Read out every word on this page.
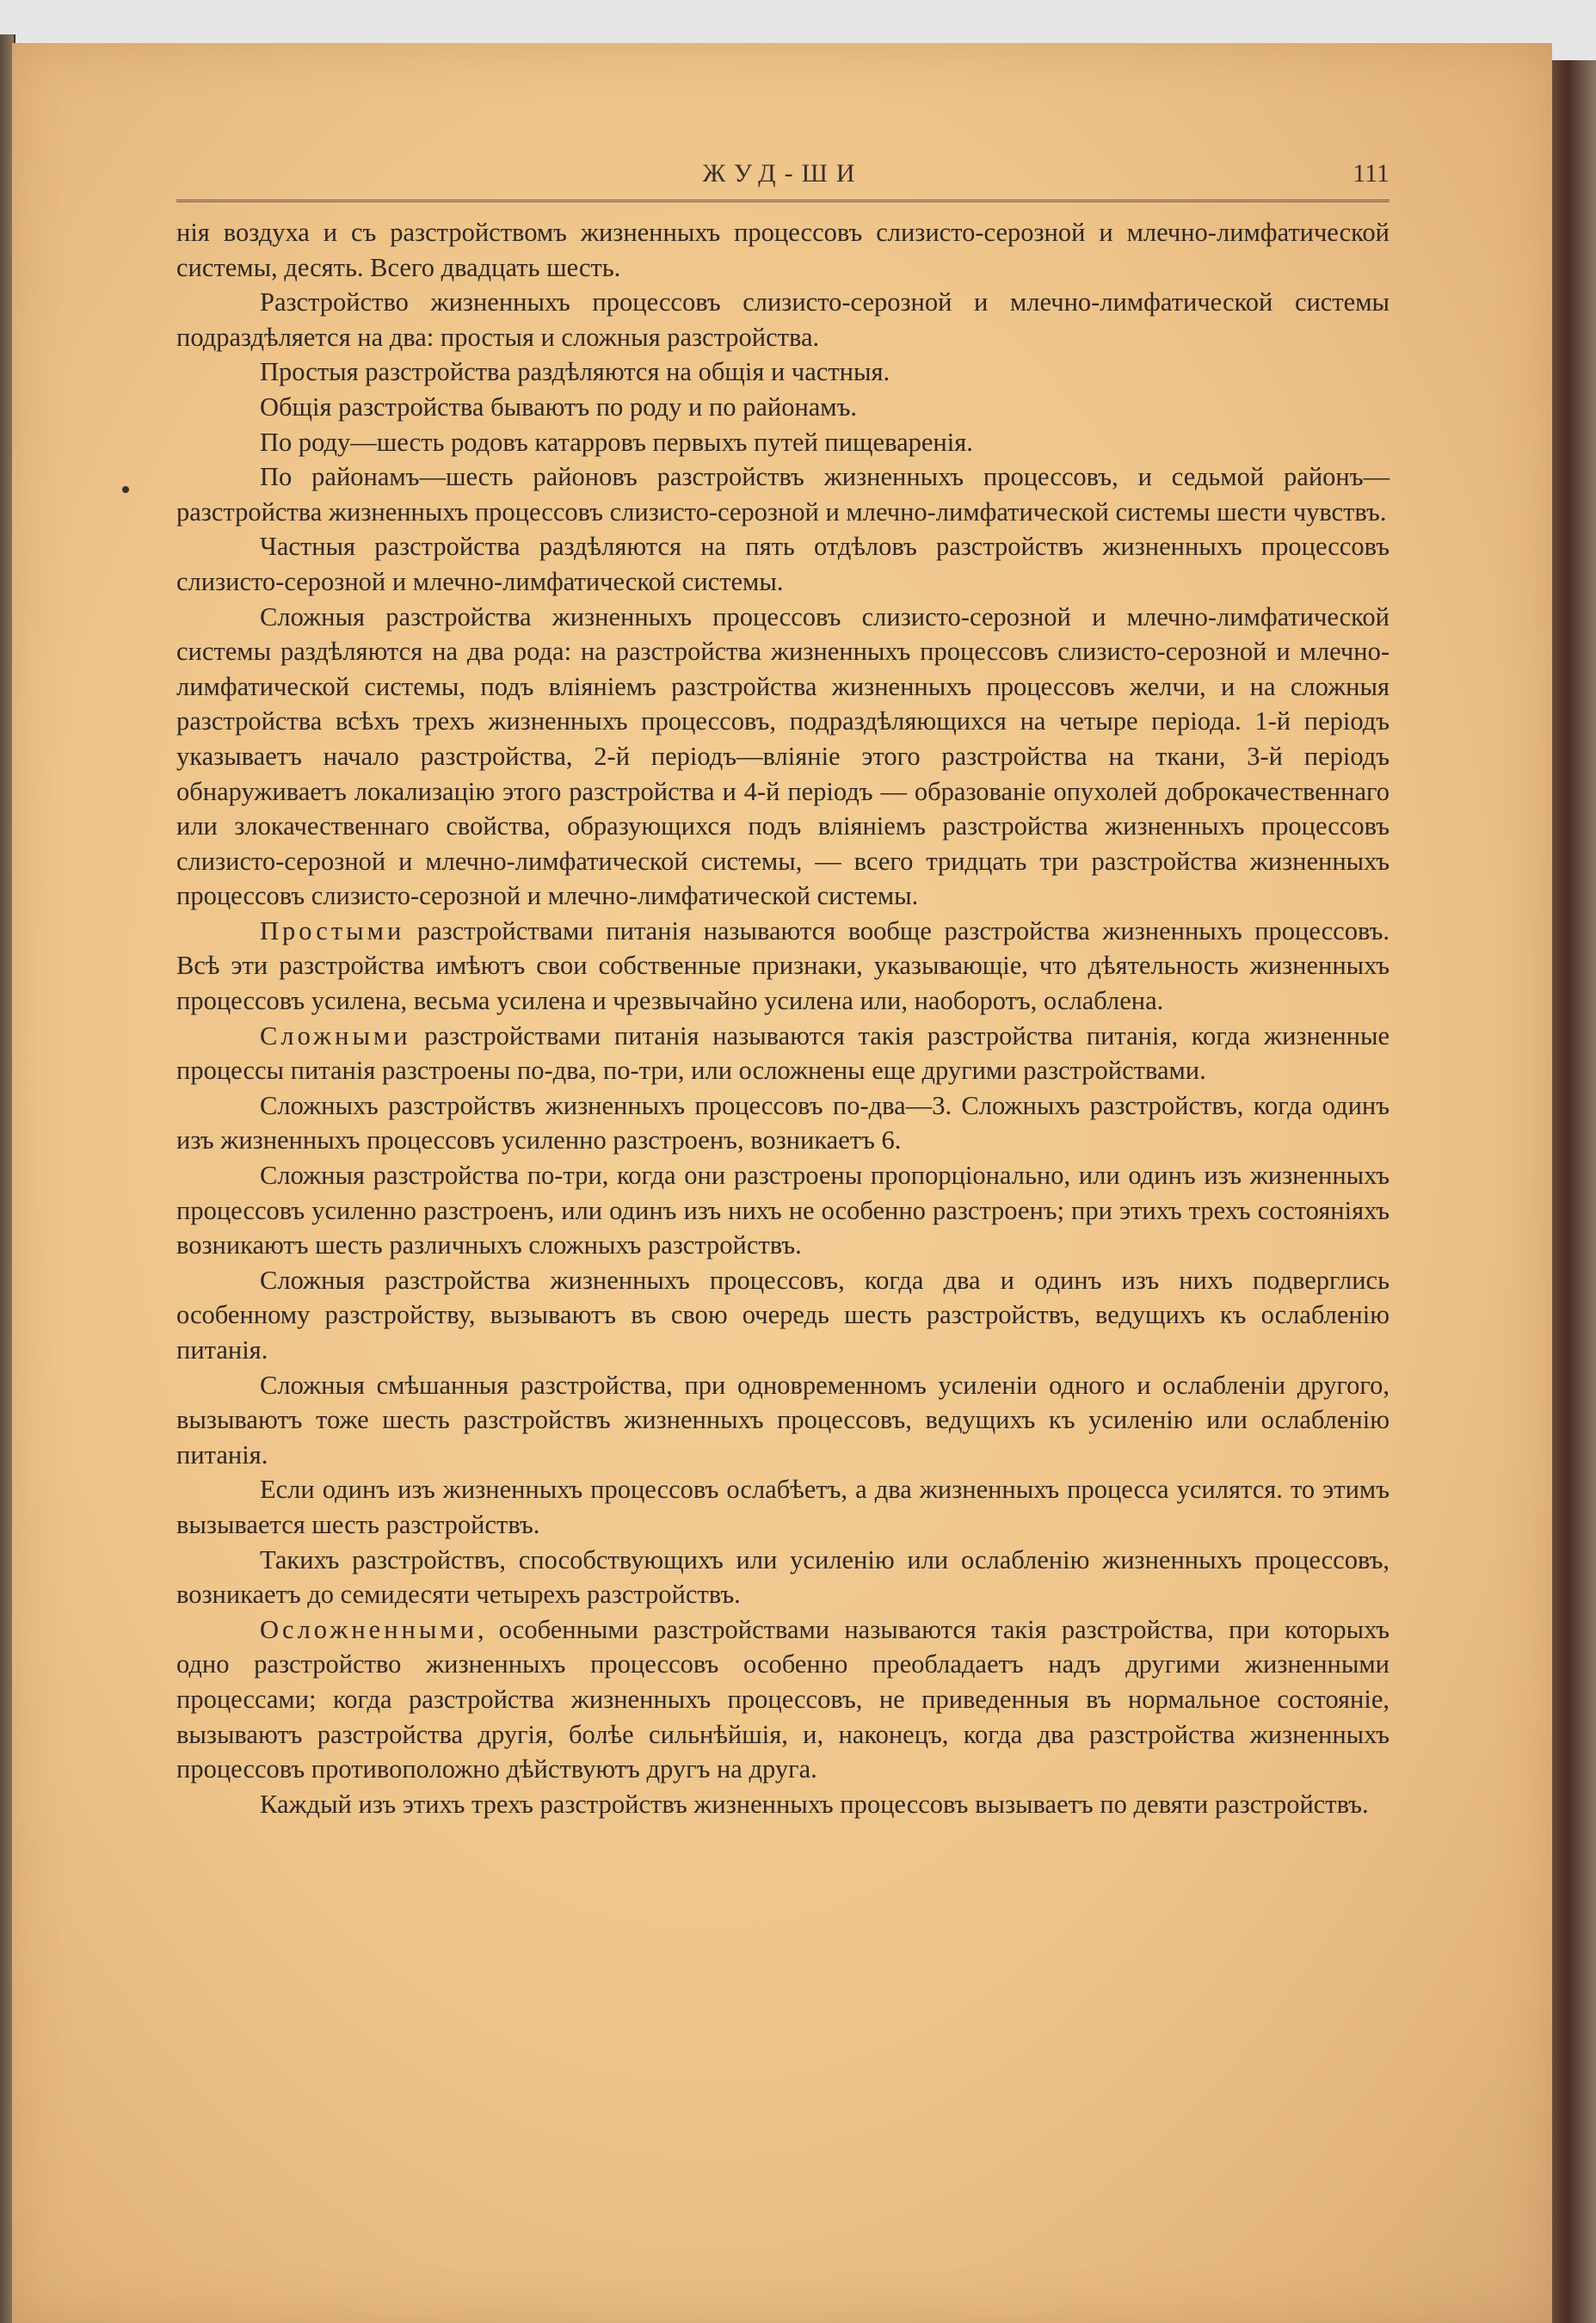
ЖУД-ШИ	111

нія воздуха и съ разстройствомъ жизненныхъ процессовъ слизисто-серозной и млечно-лимфатической системы, десять. Всего двадцать шесть.

Разстройство жизненныхъ процессовъ слизисто-серозной и млечно-лимфатической системы подраздѣляется на два: простыя и сложныя разстройства.

Простыя разстройства раздѣляются на общія и частныя.

Общія разстройства бываютъ по роду и по районамъ.

По роду—шесть родовъ катарровъ первыхъ путей пищеваренія.

По районамъ—шесть районовъ разстройствъ жизненныхъ процессовъ, и седьмой районъ—разстройства жизненныхъ процессовъ слизисто-серозной и млечно-лимфатической системы шести чувствъ.

Частныя разстройства раздѣляются на пять отдѣловъ разстройствъ жизненныхъ процессовъ слизисто-серозной и млечно-лимфатической системы.

Сложныя разстройства жизненныхъ процессовъ слизисто-серозной и млечно-лимфатической системы раздѣляются на два рода: на разстройства жизненныхъ процессовъ слизисто-серозной и млечно-лимфатической системы, подъ вліяніемъ разстройства жизненныхъ процессовъ желчи, и на сложныя разстройства всѣхъ трехъ жизненныхъ процессовъ, подраздѣляющихся на четыре періода. 1-й періодъ указываетъ начало разстройства, 2-й періодъ—вліяніе этого разстройства на ткани, 3-й періодъ обнаруживаетъ локализацію этого разстройства и 4-й періодъ — образованіе опухолей доброкачественнаго или злокачественнаго свойства, образующихся подъ вліяніемъ разстройства жизненныхъ процессовъ слизисто-серозной и млечно-лимфатической системы, — всего тридцать три разстройства жизненныхъ процессовъ слизисто-серозной и млечно-лимфатической системы.

Простыми разстройствами питанія называются вообще разстройства жизненныхъ процессовъ. Всѣ эти разстройства имѣютъ свои собственные признаки, указывающіе, что дѣятельность жизненныхъ процессовъ усилена, весьма усилена и чрезвычайно усилена или, наоборотъ, ослаблена.

Сложными разстройствами питанія называются такія разстройства питанія, когда жизненные процессы питанія разстроены по-два, по-три, или осложнены еще другими разстройствами.

Сложныхъ разстройствъ жизненныхъ процессовъ по-два—3. Сложныхъ разстройствъ, когда одинъ изъ жизненныхъ процессовъ усиленно разстроенъ, возникаетъ 6.

Сложныя разстройства по-три, когда они разстроены пропорціонально, или одинъ изъ жизненныхъ процессовъ усиленно разстроенъ, или одинъ изъ нихъ не особенно разстроенъ; при этихъ трехъ состояніяхъ возникаютъ шесть различныхъ сложныхъ разстройствъ.

Сложныя разстройства жизненныхъ процессовъ, когда два и одинъ изъ нихъ подверглись особенному разстройству, вызываютъ въ свою очередь шесть разстройствъ, ведущихъ къ ослабленію питанія.

Сложныя смѣшанныя разстройства, при одновременномъ усиленіи одного и ослабленіи другого, вызываютъ тоже шесть разстройствъ жизненныхъ процессовъ, ведущихъ къ усиленію или ослабленію питанія.

Если одинъ изъ жизненныхъ процессовъ ослабѣетъ, а два жизненныхъ процесса усилятся. то этимъ вызывается шесть разстройствъ.

Такихъ разстройствъ, способствующихъ или усиленію или ослабленію жизненныхъ процессовъ, возникаетъ до семидесяти четырехъ разстройствъ.

Осложненными, особенными разстройствами называются такія разстройства, при которыхъ одно разстройство жизненныхъ процессовъ особенно преобладаетъ надъ другими жизненными процессами; когда разстройства жизненныхъ процессовъ, не приведенныя въ нормальное состояніе, вызываютъ разстройства другія, болѣе сильнѣйшія, и, наконецъ, когда два разстройства жизненныхъ процессовъ противоположно дѣйствуютъ другъ на друга.

Каждый изъ этихъ трехъ разстройствъ жизненныхъ процессовъ вызываетъ по девяти разстройствъ.
